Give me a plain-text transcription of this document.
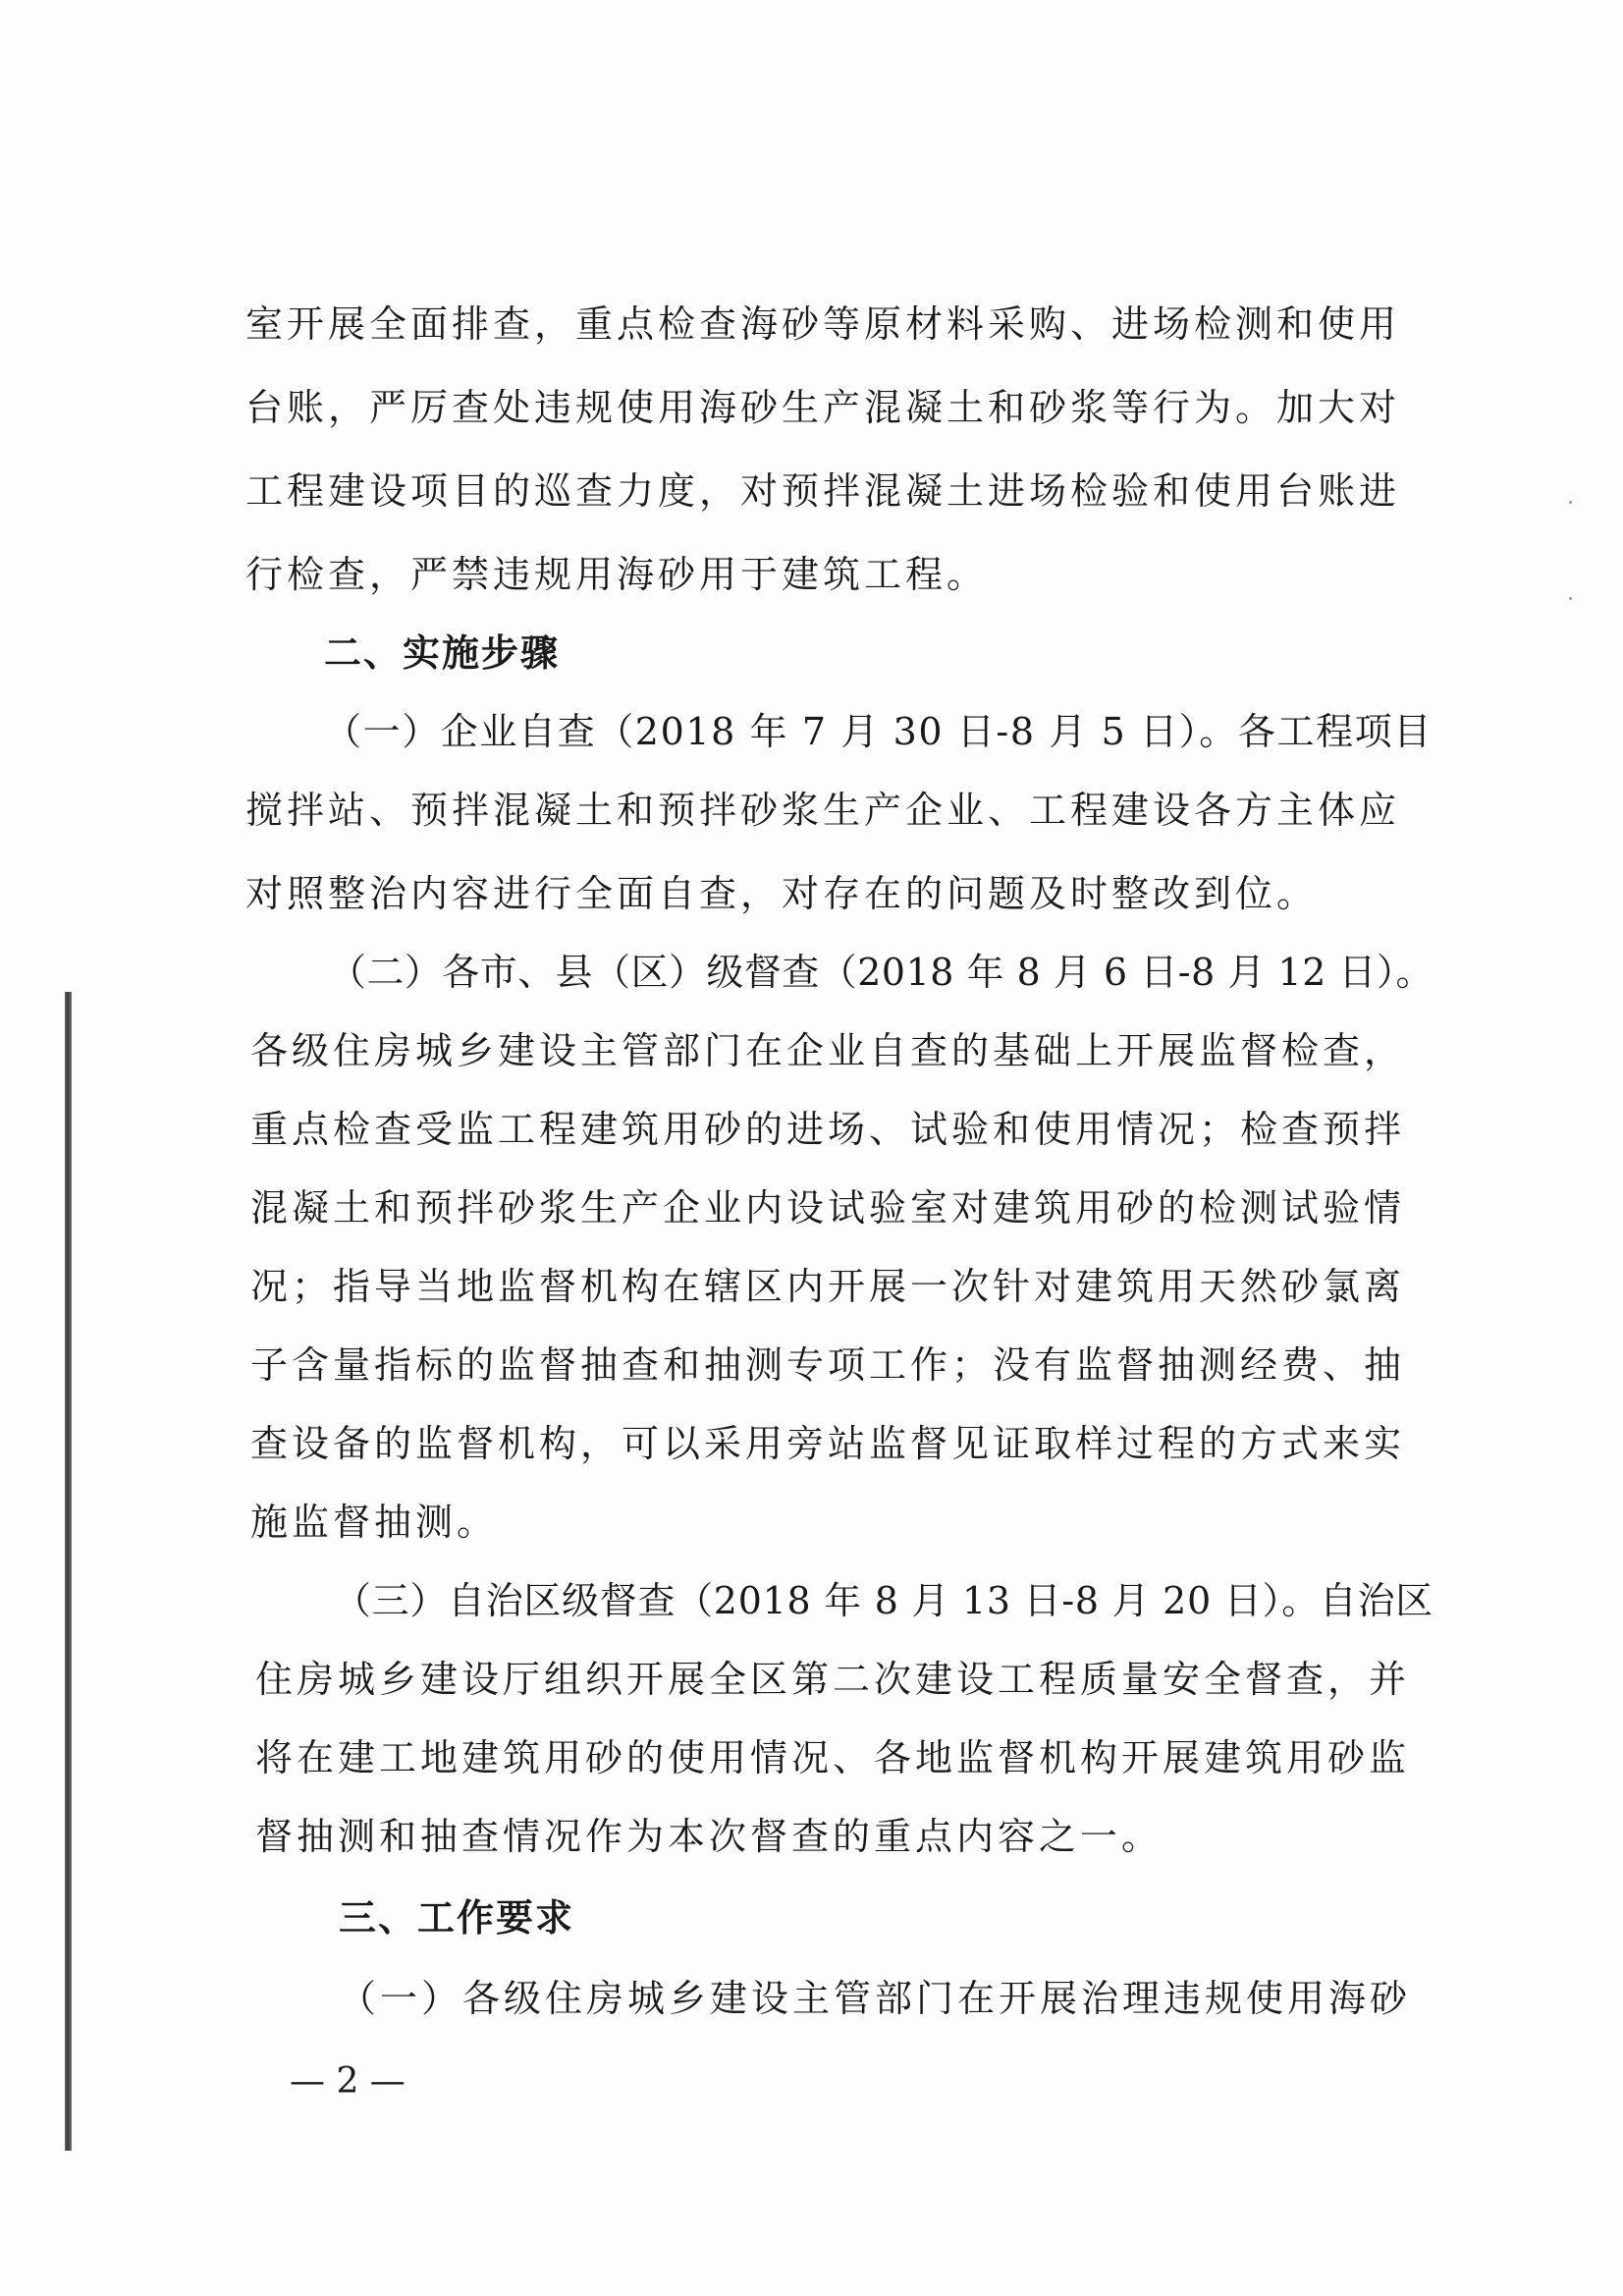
室开展全面排查，重点检查海砂等原材料采购、进场检测和使用

台账，严厉查处违规使用海砂生产混凝土和砂浆等行为。加大对

工程建设项目的巡查力度，对预拌混凝土进场检验和使用台账进

行检查，严禁违规用海砂用于建筑工程。

二、实施步骤

（一）企业自查（2018 年 7 月 30 日-8 月 5 日）。各工程项目

搅拌站、预拌混凝土和预拌砂浆生产企业、工程建设各方主体应

对照整治内容进行全面自查，对存在的问题及时整改到位。

（二）各市、县（区）级督查（2018 年 8 月 6 日-8 月 12 日）。

各级住房城乡建设主管部门在企业自查的基础上开展监督检查，

重点检查受监工程建筑用砂的进场、试验和使用情况；检查预拌

混凝土和预拌砂浆生产企业内设试验室对建筑用砂的检测试验情

况；指导当地监督机构在辖区内开展一次针对建筑用天然砂氯离

子含量指标的监督抽查和抽测专项工作；没有监督抽测经费、抽

查设备的监督机构，可以采用旁站监督见证取样过程的方式来实

施监督抽测。

（三）自治区级督查（2018 年 8 月 13 日-8 月 20 日）。自治区

住房城乡建设厅组织开展全区第二次建设工程质量安全督查，并

将在建工地建筑用砂的使用情况、各地监督机构开展建筑用砂监

督抽测和抽查情况作为本次督查的重点内容之一。

三、工作要求

（一）各级住房城乡建设主管部门在开展治理违规使用海砂

— 2 —
